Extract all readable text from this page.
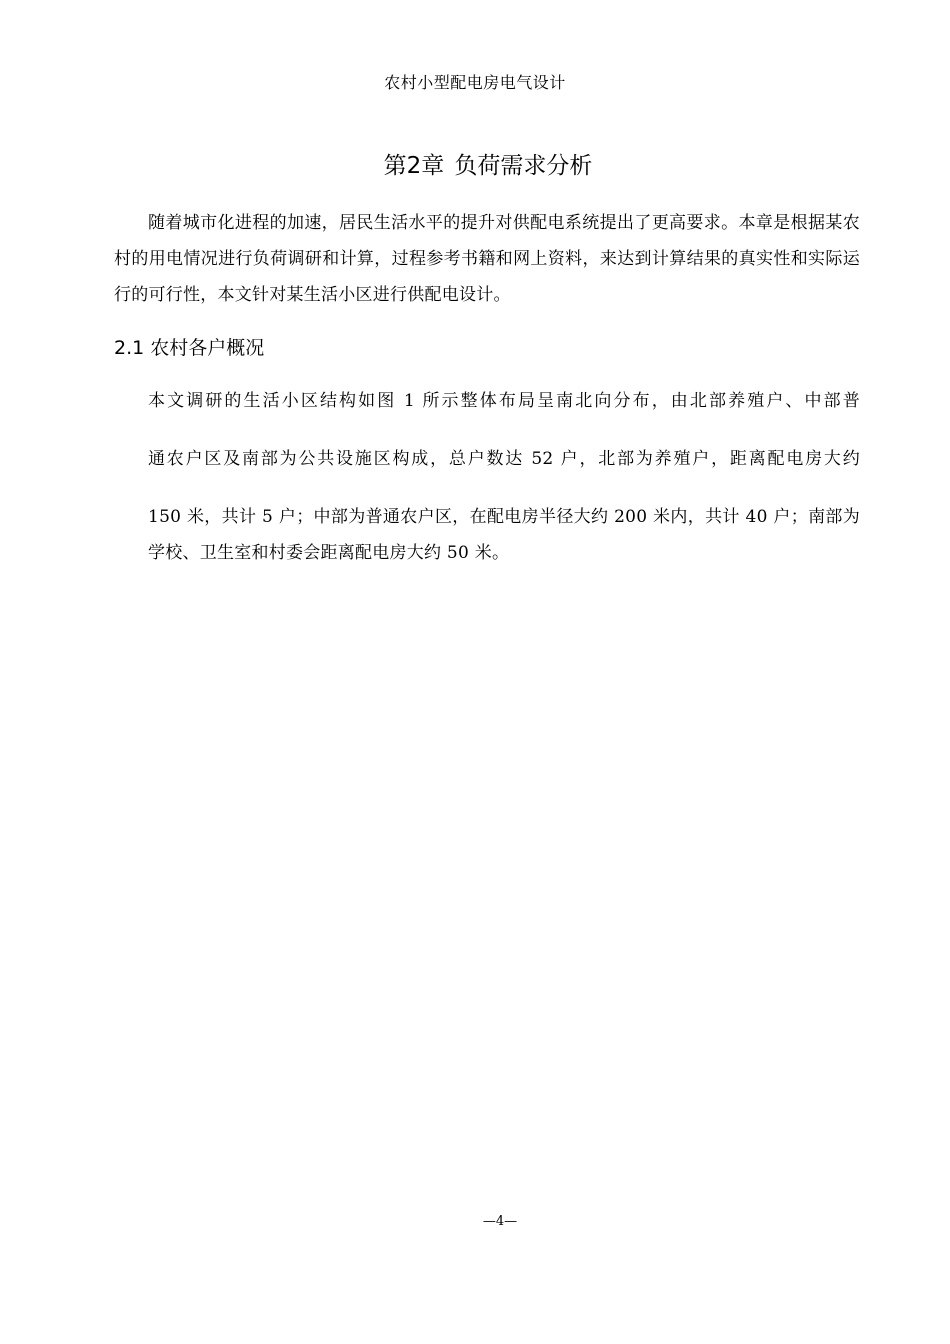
农村小型配电房电气设计
第2章 负荷需求分析

随着城市化进程的加速，居民生活水平的提升对供配电系统提出了更高要求。本章是根据某农村的用电情况进行负荷调研和计算，过程参考书籍和网上资料，来达到计算结果的真实性和实际运行的可行性，本文针对某生活小区进行供配电设计。

2.1 农村各户概况
本文调研的生活小区结构如图 1 所示整体布局呈南北向分布，由北部养殖户、中部普
通农户区及南部为公共设施区构成，总户数达 52 户，北部为养殖户，距离配电房大约
150 米，共计 5 户；中部为普通农户区，在配电房半径大约 200 米内，共计 40 户；南部为
学校、卫生室和村委会距离配电房大约 50 米。
—4—
